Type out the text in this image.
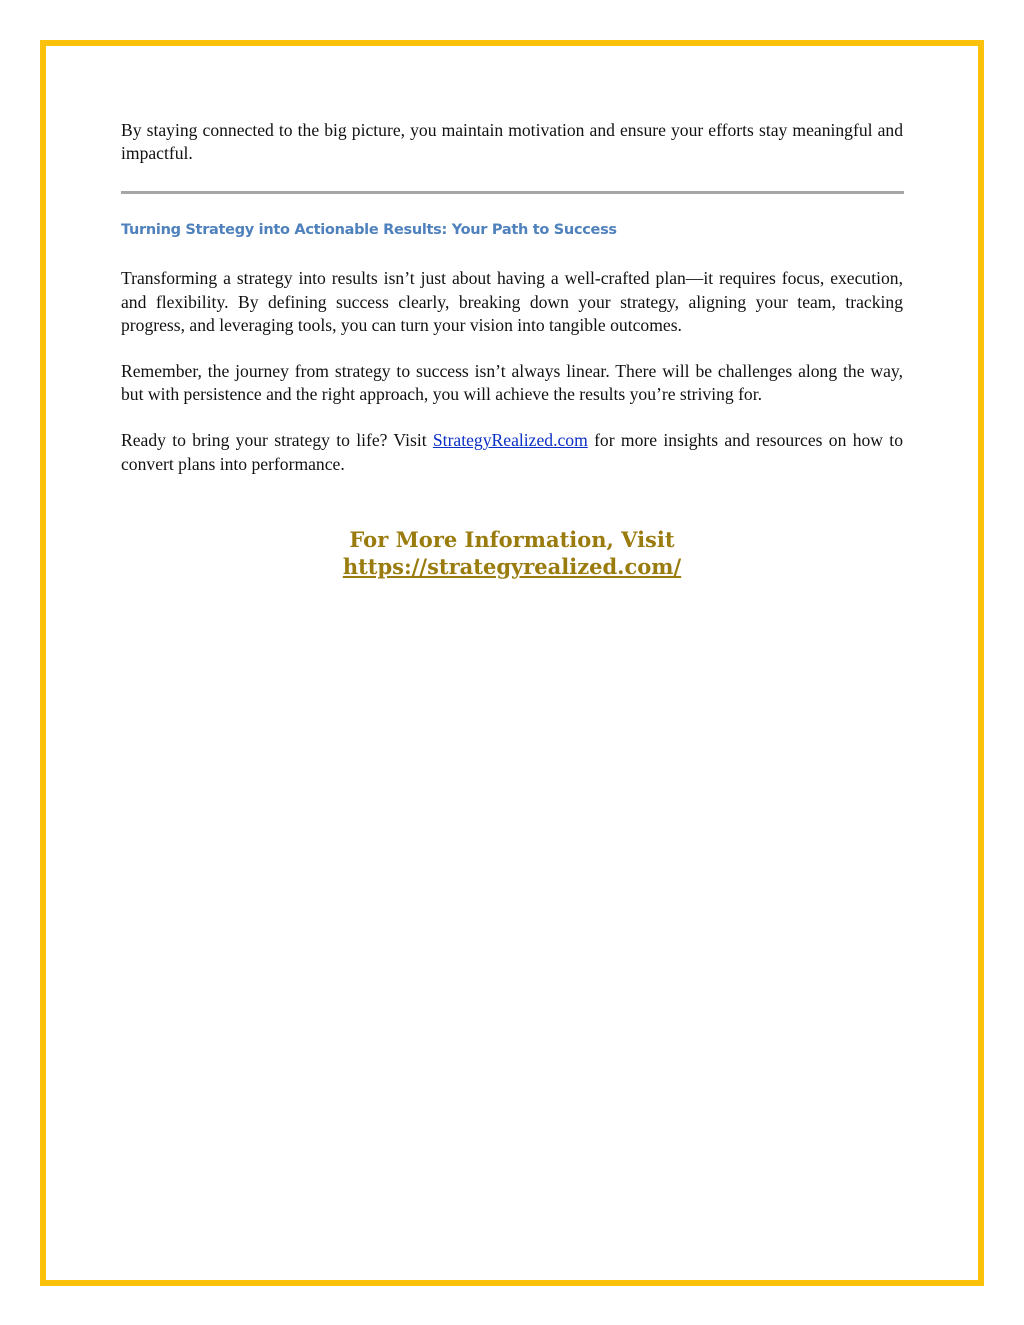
By staying connected to the big picture, you maintain motivation and ensure your efforts stay meaningful and impactful.

Turning Strategy into Actionable Results: Your Path to Success

Transforming a strategy into results isn’t just about having a well-crafted plan—it requires focus, execution, and flexibility. By defining success clearly, breaking down your strategy, aligning your team, tracking progress, and leveraging tools, you can turn your vision into tangible outcomes.

Remember, the journey from strategy to success isn’t always linear. There will be challenges along the way, but with persistence and the right approach, you will achieve the results you’re striving for.

Ready to bring your strategy to life? Visit StrategyRealized.com for more insights and resources on how to convert plans into performance.

For More Information, Visit
https://strategyrealized.com/
